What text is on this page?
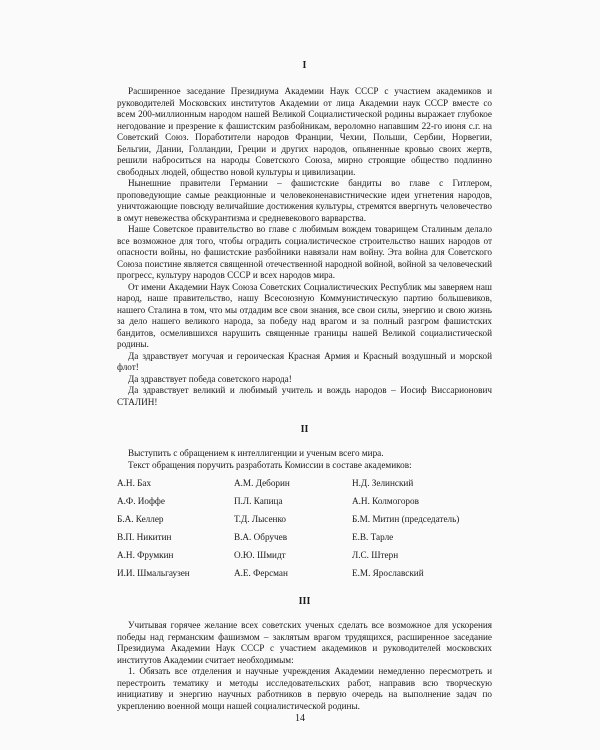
I

Расширенное заседание Президиума Академии Наук СССР с участием академиков и руководителей Московских институтов Академии от лица Академии наук СССР вместе со всем 200-миллионным народом нашей Великой Социалистической родины выражает глубокое негодование и презрение к фашистским разбойникам, вероломно напавшим 22-го июня с.г. на Советский Союз. Поработители народов Франции, Чехии, Польши, Сербии, Норвегии, Бельгии, Дании, Голландии, Греции и других народов, опьяненные кровью своих жертв, решили наброситься на народы Советского Союза, мирно строящие общество подлинно свободных людей, общество новой культуры и цивилизации.

Нынешние правители Германии – фашистские бандиты во главе с Гитлером, проповедующие самые реакционные и человеконенавистнические идеи угнетения народов, уничтожающие повсюду величайшие достижения культуры, стремятся ввергнуть человечество в омут невежества обскурантизма и средневекового варварства.

Наше Советское правительство во главе с любимым вождем товарищем Сталиным делало все возможное для того, чтобы оградить социалистическое строительство наших народов от опасности войны, но фашистские разбойники навязали нам войну. Эта война для Советского Союза поистине является священной отечественной народной войной, войной за человеческий прогресс, культуру народов СССР и всех народов мира.

От имени Академии Наук Союза Советских Социалистических Республик мы заверяем наш народ, наше правительство, нашу Всесоюзную Коммунистическую партию большевиков, нашего Сталина в том, что мы отдадим все свои знания, все свои силы, энергию и свою жизнь за дело нашего великого народа, за победу над врагом и за полный разгром фашистских бандитов, осмелившихся нарушить священные границы нашей Великой социалистической родины.

Да здравствует могучая и героическая Красная Армия и Красный воздушный и морской флот!

Да здравствует победа советского народа!

Да здравствует великий и любимый учитель и вождь народов – Иосиф Виссарионович СТАЛИН!

II

Выступить с обращением к интеллигенции и ученым всего мира.

Текст обращения поручить разработать Комиссии в составе академиков:

А.Н. Бах	А.М. Деборин	Н.Д. Зелинский
А.Ф. Иоффе	П.Л. Капица	А.Н. Колмогоров
Б.А. Келлер	Т.Д. Лысенко	Б.М. Митин (председатель)
В.П. Никитин	В.А. Обручев	Е.В. Тарле
А.Н. Фрумкин	О.Ю. Шмидт	Л.С. Штерн
И.И. Шмальгаузен	А.Е. Ферсман	Е.М. Ярославский
III

Учитывая горячее желание всех советских ученых сделать все возможное для ускорения победы над германским фашизмом – заклятым врагом трудящихся, расширенное заседание Президиума Академии Наук СССР с участием академиков и руководителей московских институтов Академии считает необходимым:

1. Обязать все отделения и научные учреждения Академии немедленно пересмотреть и перестроить тематику и методы исследовательских работ, направив всю творческую инициативу и энергию научных работников в первую очередь на выполнение задач по укреплению военной мощи нашей социалистической родины.

14
